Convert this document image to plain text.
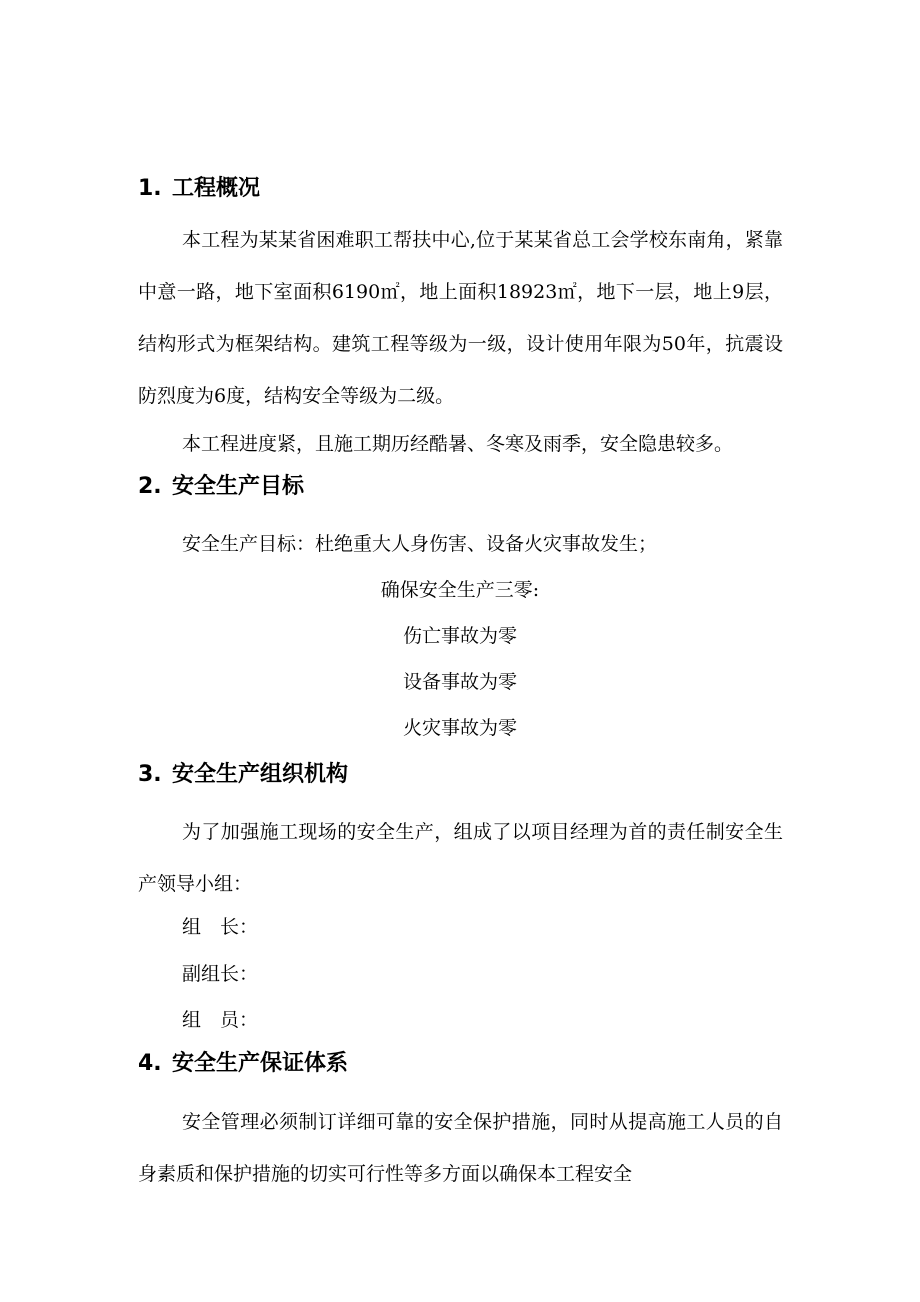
1. 工程概况
本工程为某某省困难职工帮扶中心,位于某某省总工会学校东南角，紧靠中意一路，地下室面积6190㎡，地上面积18923㎡，地下一层，地上9层，结构形式为框架结构。建筑工程等级为一级，设计使用年限为50年，抗震设防烈度为6度，结构安全等级为二级。
本工程进度紧，且施工期历经酷暑、冬寒及雨季，安全隐患较多。
2. 安全生产目标
安全生产目标：杜绝重大人身伤害、设备火灾事故发生；
确保安全生产三零:
伤亡事故为零
设备事故为零
火灾事故为零
3. 安全生产组织机构
为了加强施工现场的安全生产，组成了以项目经理为首的责任制安全生产领导小组：
组　长：
副组长：
组　员：
4. 安全生产保证体系
安全管理必须制订详细可靠的安全保护措施，同时从提高施工人员的自身素质和保护措施的切实可行性等多方面以确保本工程安全
